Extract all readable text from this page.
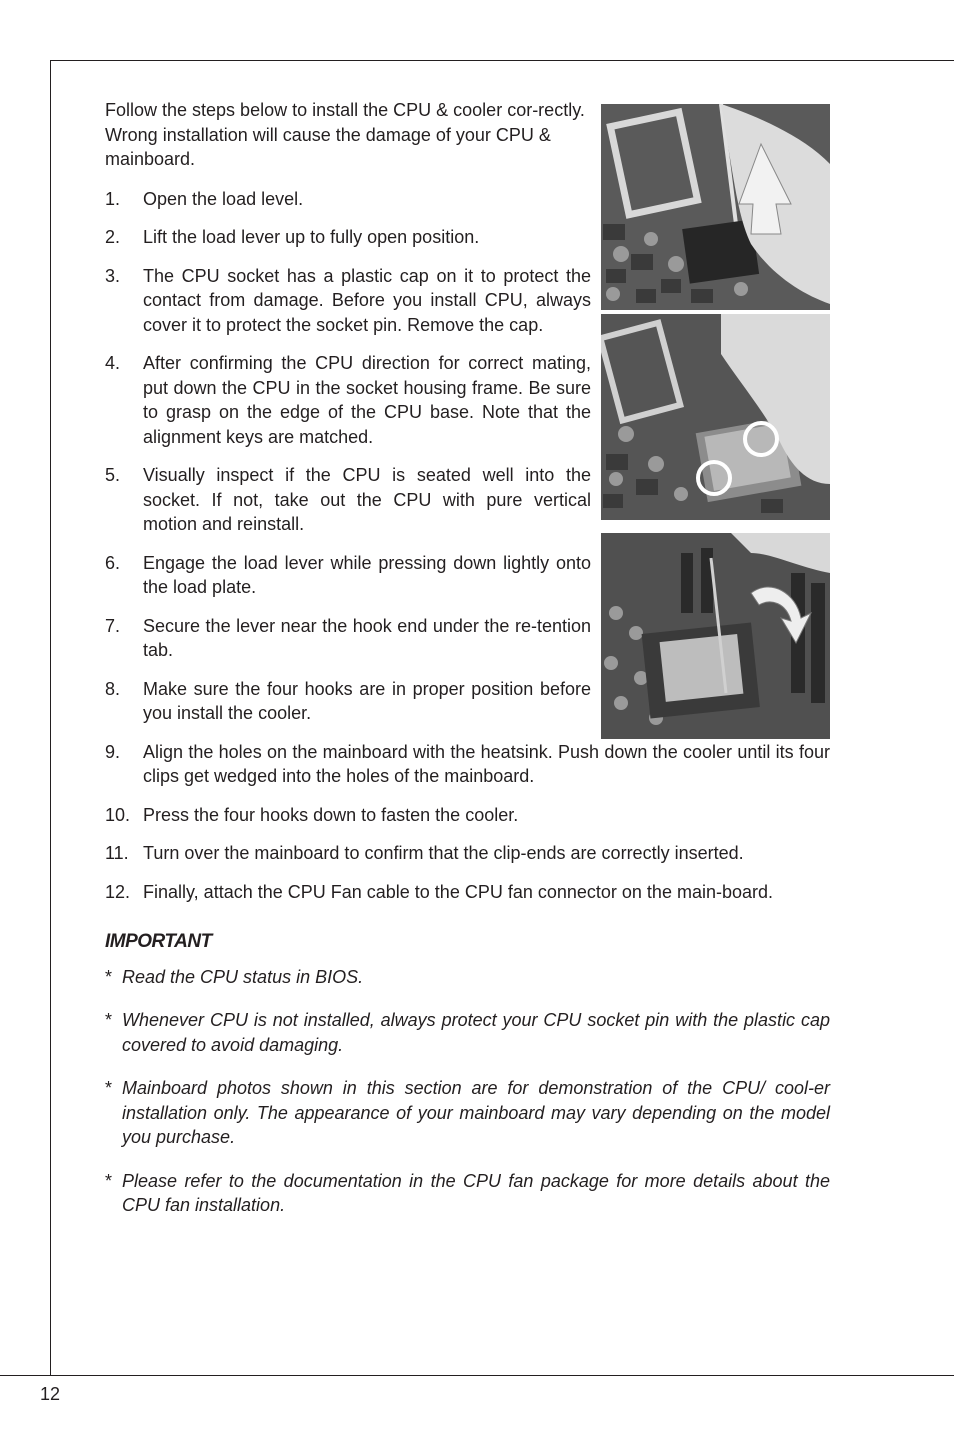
Follow the steps below to install the CPU & cooler cor-rectly. Wrong installation will cause the damage of your CPU & mainboard.

1. Open the load level.
2. Lift the load lever up to fully open position.
3. The CPU socket has a plastic cap on it to protect the contact from damage. Before you install CPU, always cover it to protect the socket pin. Remove the cap.
4. After confirming the CPU direction for correct mating, put down the CPU in the socket housing frame. Be sure to grasp on the edge of the CPU base. Note that the alignment keys are matched.
5. Visually inspect if the CPU is seated well into the socket. If not, take out the CPU with pure vertical motion and reinstall.
6. Engage the load lever while pressing down lightly onto the load plate.
7. Secure the lever near the hook end under the re-tention tab.
8. Make sure the four hooks are in proper position before you install the cooler.
9. Align the holes on the mainboard with the heatsink. Push down the cooler until its four clips get wedged into the holes of the mainboard.
10. Press the four hooks down to fasten the cooler.
11. Turn over the mainboard to confirm that the clip-ends are correctly inserted.
12. Finally, attach the CPU Fan cable to the CPU fan connector on the main-board.
IMPORTANT
* Read the CPU status in BIOS.
* Whenever CPU is not installed, always protect your CPU socket pin with the plastic cap covered to avoid damaging.
* Mainboard photos shown in this section are for demonstration of the CPU/ cool-er installation only. The appearance of your mainboard may vary depending on the model you purchase.
* Please refer to the documentation in the CPU fan package for more details about the CPU fan installation.
12
